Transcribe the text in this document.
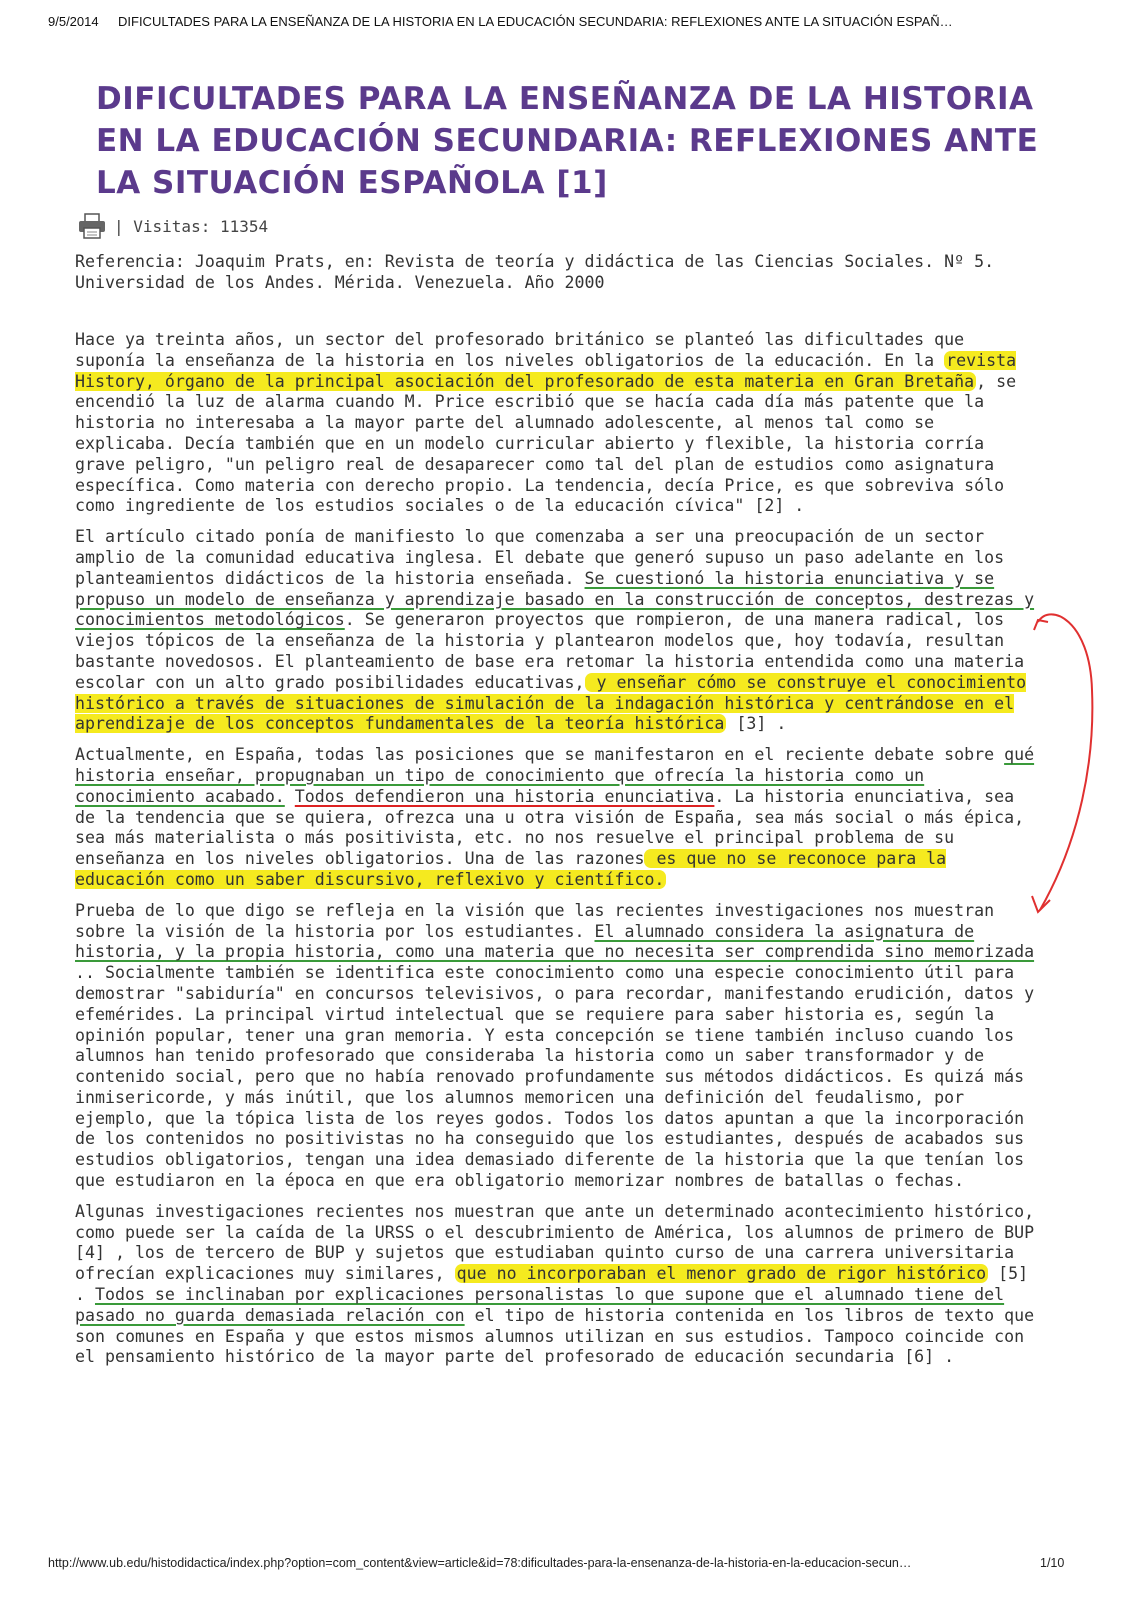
9/5/2014 DIFICULTADES PARA LA ENSEÑANZA DE LA HISTORIA EN LA EDUCACIÓN SECUNDARIA: REFLEXIONES ANTE LA SITUACIÓN ESPAÑ…
DIFICULTADES PARA LA ENSEÑANZA DE LA HISTORIA EN LA EDUCACIÓN SECUNDARIA: REFLEXIONES ANTE LA SITUACIÓN ESPAÑOLA [1]
| Visitas: 11354
Referencia: Joaquim Prats, en: Revista de teoría y didáctica de las Ciencias Sociales. Nº 5. Universidad de los Andes. Mérida. Venezuela. Año 2000

Hace ya treinta años, un sector del profesorado británico se planteó las dificultades que suponía la enseñanza de la historia en los niveles obligatorios de la educación. En la revista History, órgano de la principal asociación del profesorado de esta materia en Gran Bretaña , se encendió la luz de alarma cuando M. Price escribió que se hacía cada día más patente que la historia no interesaba a la mayor parte del alumnado adolescente, al menos tal como se explicaba. Decía también que en un modelo curricular abierto y flexible, la historia corría grave peligro, "un peligro real de desaparecer como tal del plan de estudios como asignatura específica. Como materia con derecho propio. La tendencia, decía Price, es que sobreviva sólo como ingrediente de los estudios sociales o de la educación cívica" [2] .

El artículo citado ponía de manifiesto lo que comenzaba a ser una preocupación de un sector amplio de la comunidad educativa inglesa. El debate que generó supuso un paso adelante en los planteamientos didácticos de la historia enseñada. Se cuestionó la historia enunciativa y se propuso un modelo de enseñanza y aprendizaje basado en la construcción de conceptos, destrezas y conocimientos metodológicos. Se generaron proyectos que rompieron, de una manera radical, los viejos tópicos de la enseñanza de la historia y plantearon modelos que, hoy todavía, resultan bastante novedosos. El planteamiento de base era retomar la historia entendida como una materia escolar con un alto grado posibilidades educativas, y enseñar cómo se construye el conocimiento histórico a través de situaciones de simulación de la indagación histórica y centrándose en el aprendizaje de los conceptos fundamentales de la teoría histórica [3] .

Actualmente, en España, todas las posiciones que se manifestaron en el reciente debate sobre qué historia enseñar, propugnaban un tipo de conocimiento que ofrecía la historia como un conocimiento acabado. Todos defendieron una historia enunciativa. La historia enunciativa, sea de la tendencia que se quiera, ofrezca una u otra visión de España, sea más social o más épica, sea más materialista o más positivista, etc. no nos resuelve el principal problema de su enseñanza en los niveles obligatorios. Una de las razones es que no se reconoce para la educación como un saber discursivo, reflexivo y científico.

Prueba de lo que digo se refleja en la visión que las recientes investigaciones nos muestran sobre la visión de la historia por los estudiantes. El alumnado considera la asignatura de historia, y la propia historia, como una materia que no necesita ser comprendida sino memorizada .. Socialmente también se identifica este conocimiento como una especie conocimiento útil para demostrar "sabiduría" en concursos televisivos, o para recordar, manifestando erudición, datos y efemérides. La principal virtud intelectual que se requiere para saber historia es, según la opinión popular, tener una gran memoria. Y esta concepción se tiene también incluso cuando los alumnos han tenido profesorado que consideraba la historia como un saber transformador y de contenido social, pero que no había renovado profundamente sus métodos didácticos. Es quizá más inmisericorde, y más inútil, que los alumnos memoricen una definición del feudalismo, por ejemplo, que la tópica lista de los reyes godos. Todos los datos apuntan a que la incorporación de los contenidos no positivistas no ha conseguido que los estudiantes, después de acabados sus estudios obligatorios, tengan una idea demasiado diferente de la historia que la que tenían los que estudiaron en la época en que era obligatorio memorizar nombres de batallas o fechas.

Algunas investigaciones recientes nos muestran que ante un determinado acontecimiento histórico, como puede ser la caída de la URSS o el descubrimiento de América, los alumnos de primero de BUP [4] , los de tercero de BUP y sujetos que estudiaban quinto curso de una carrera universitaria ofrecían explicaciones muy similares, que no incorporaban el menor grado de rigor histórico [5] . Todos se inclinaban por explicaciones personalistas lo que supone que el alumnado tiene del pasado no guarda demasiada relación con el tipo de historia contenida en los libros de texto que son comunes en España y que estos mismos alumnos utilizan en sus estudios. Tampoco coincide con el pensamiento histórico de la mayor parte del profesorado de educación secundaria [6] .

http://www.ub.edu/histodidactica/index.php?option=com_content&view=article&id=78:dificultades-para-la-ensenanza-de-la-historia-en-la-educacion-secun…	1/10
